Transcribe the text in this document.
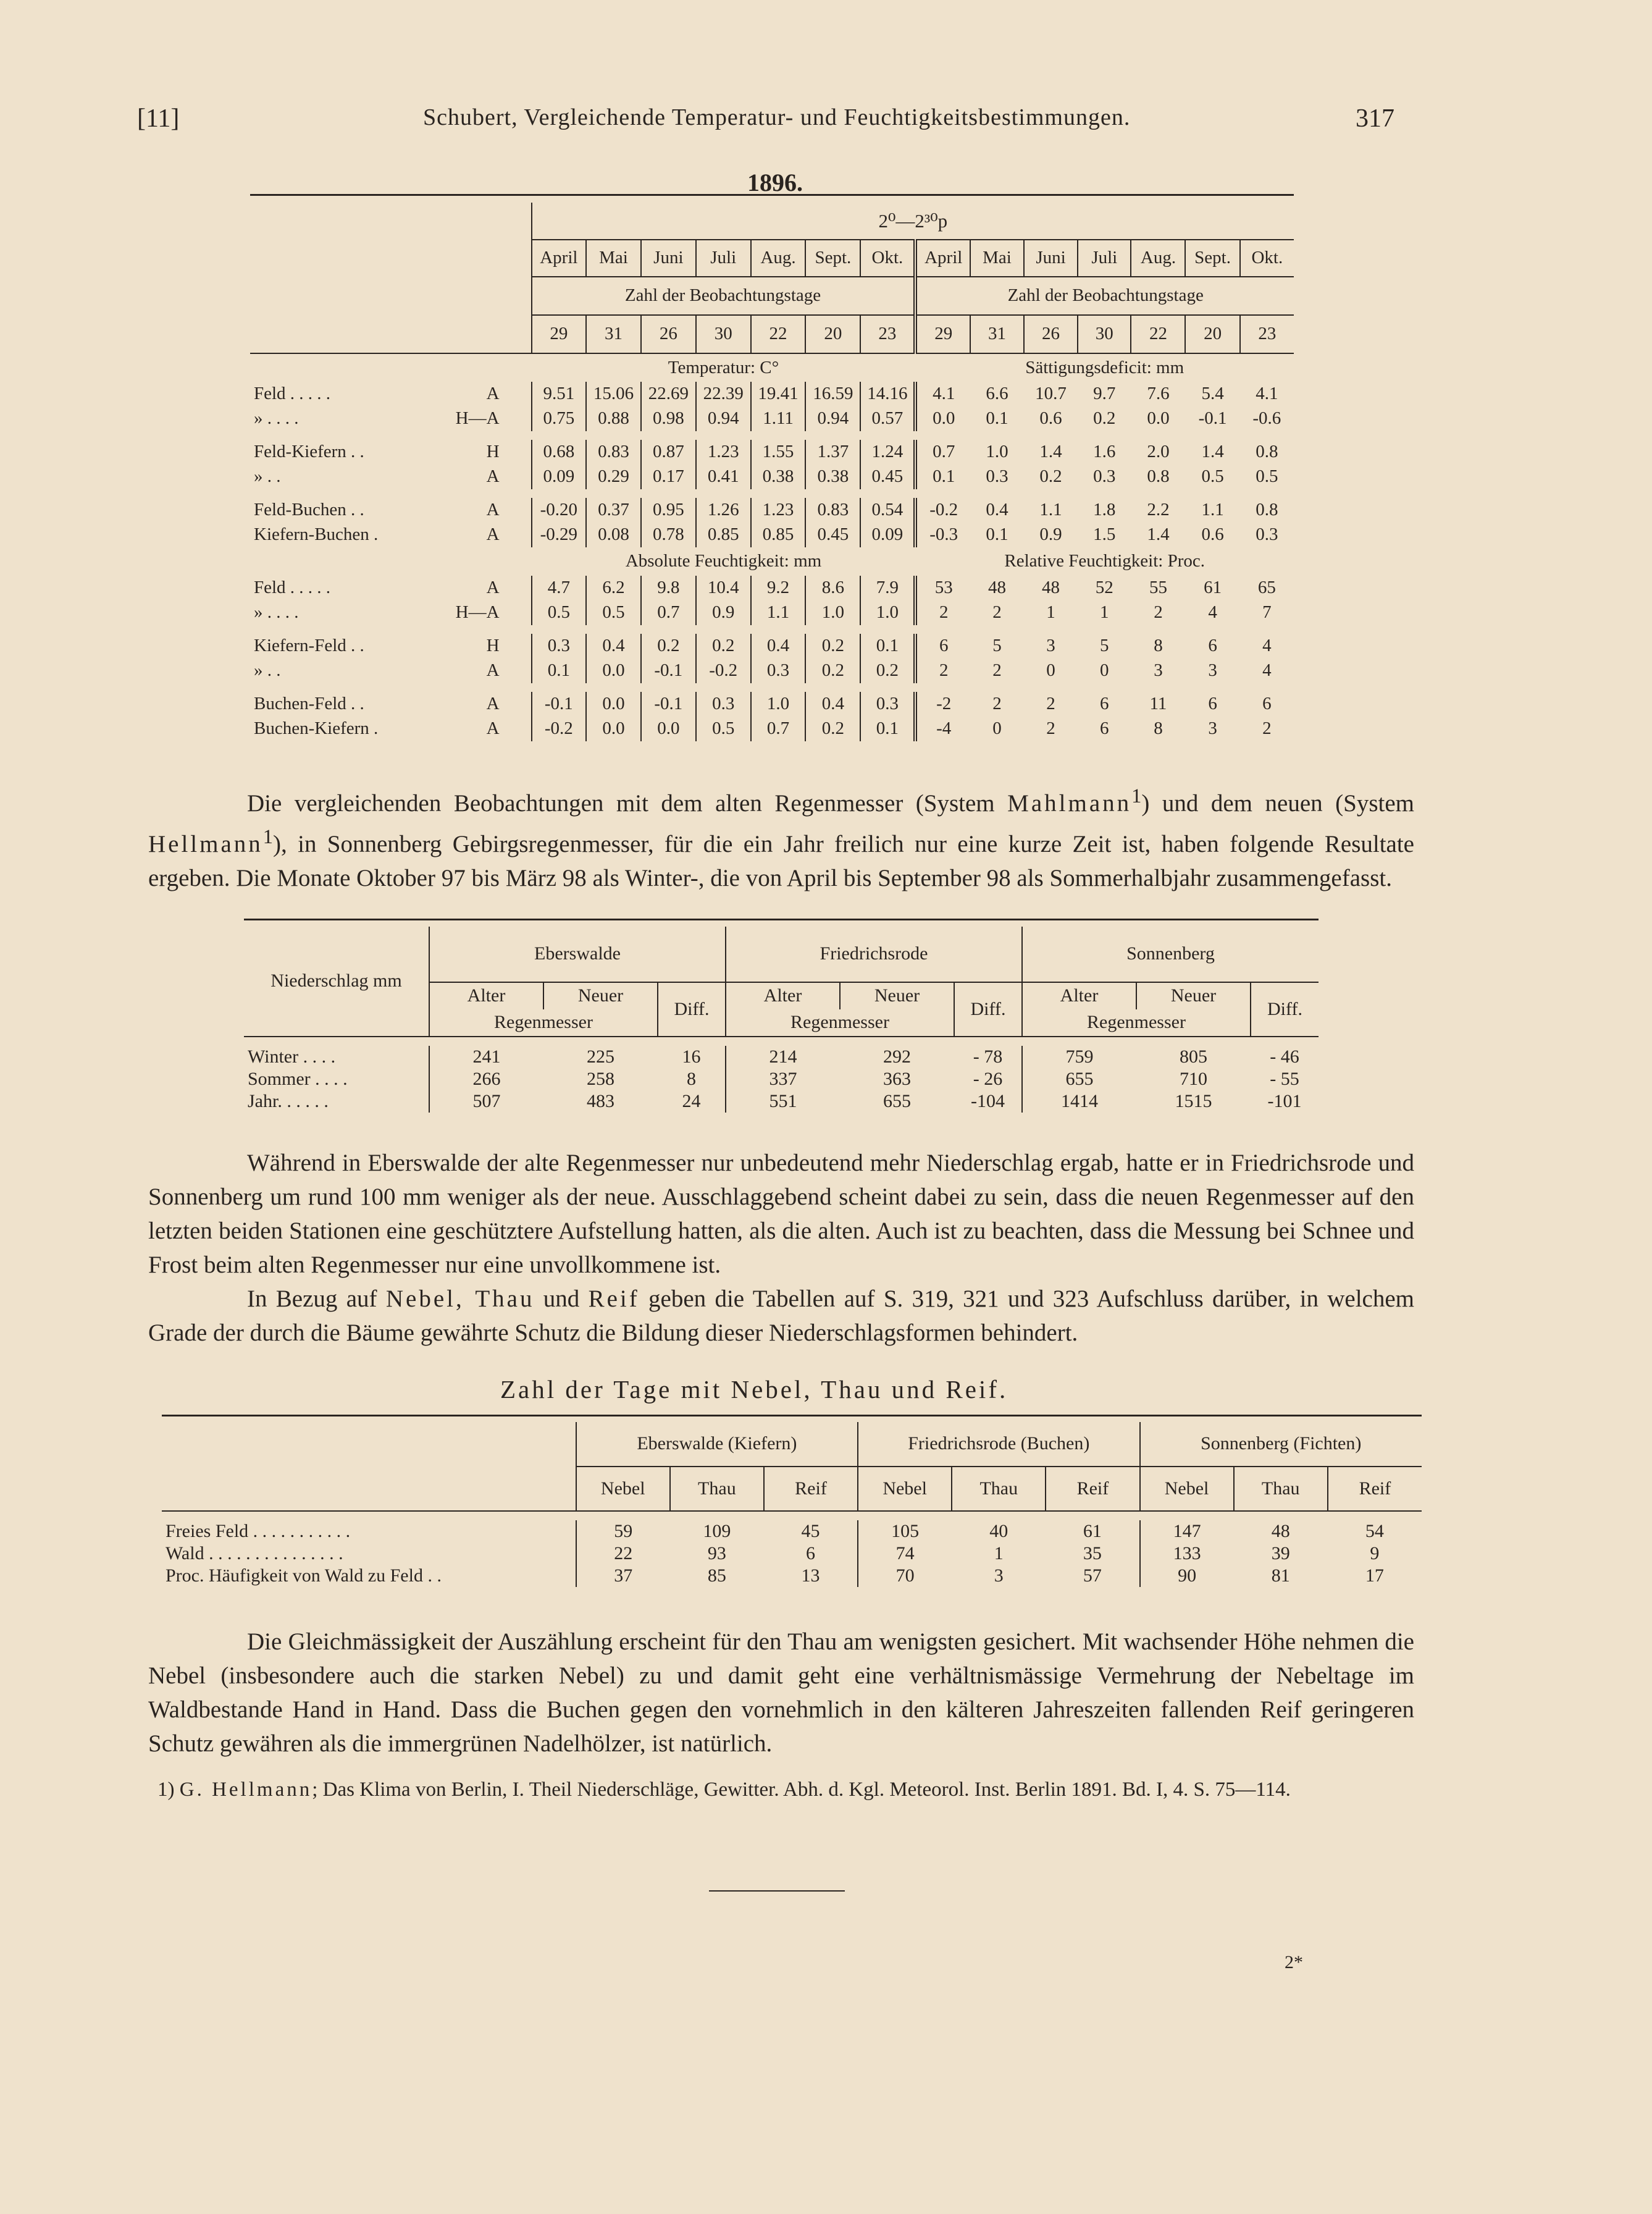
[11]	Schubert, Vergleichende Temperatur- und Feuchtigkeitsbestimmungen.	317
1896.
			2⁰—2³⁰p													
			April	Mai	Juni	Juli	Aug.	Sept.	Okt.	April	Mai	Juni	Juli	Aug.	Sept.	Okt.
			Zahl der Beobachtungstage							Zahl der Beobachtungstage						
			29	31	26	30	22	20	23	29	31	26	30	22	20	23
			Temperatur: C°							Sättigungsdeficit: mm						
Feld . . . . .	A		9.51	15.06	22.69	22.39	19.41	16.59	14.16	4.1	6.6	10.7	9.7	7.6	5.4	4.1
» . . . .	H—A		0.75	0.88	0.98	0.94	1.11	0.94	0.57	0.0	0.1	0.6	0.2	0.0	-0.1	-0.6

Feld-Kiefern . .	H		0.68	0.83	0.87	1.23	1.55	1.37	1.24	0.7	1.0	1.4	1.6	2.0	1.4	0.8
» . .	A		0.09	0.29	0.17	0.41	0.38	0.38	0.45	0.1	0.3	0.2	0.3	0.8	0.5	0.5

Feld-Buchen . .	A		-0.20	0.37	0.95	1.26	1.23	0.83	0.54	-0.2	0.4	1.1	1.8	2.2	1.1	0.8
Kiefern-Buchen .	A		-0.29	0.08	0.78	0.85	0.85	0.45	0.09	-0.3	0.1	0.9	1.5	1.4	0.6	0.3
			Absolute Feuchtigkeit: mm							Relative Feuchtigkeit: Proc.						
Feld . . . . .	A		4.7	6.2	9.8	10.4	9.2	8.6	7.9	53	48	48	52	55	61	65
» . . . .	H—A		0.5	0.5	0.7	0.9	1.1	1.0	1.0	2	2	1	1	2	4	7

Kiefern-Feld . .	H		0.3	0.4	0.2	0.2	0.4	0.2	0.1	6	5	3	5	8	6	4
» . .	A		0.1	0.0	-0.1	-0.2	0.3	0.2	0.2	2	2	0	0	3	3	4

Buchen-Feld . .	A		-0.1	0.0	-0.1	0.3	1.0	0.4	0.3	-2	2	2	6	11	6	6
Buchen-Kiefern .	A		-0.2	0.0	0.0	0.5	0.7	0.2	0.1	-4	0	2	6	8	3	2

Die vergleichenden Beobachtungen mit dem alten Regenmesser (System Mahlmann$^1$) und dem neuen (System Hellmann$^1$), in Sonnenberg Gebirgsregenmesser, für die ein Jahr freilich nur eine kurze Zeit ist, haben folgende Resultate ergeben. Die Monate Oktober 97 bis März 98 als Winter-, die von April bis September 98 als Sommerhalbjahr zusammengefasst.

Niederschlag mm	Eberswalde			Friedrichsrode			Sonnenberg		
	Alter	Neuer	Diff.	Alter	Neuer	Diff.	Alter	Neuer	Diff.
	Regenmesser			Regenmesser			Regenmesser		

Winter . . . .	241	225	16	214	292	- 78	759	805	- 46
Sommer . . . .	266	258	8	337	363	- 26	655	710	- 55
Jahr. . . . . .	507	483	24	551	655	-104	1414	1515	-101

Während in Eberswalde der alte Regenmesser nur unbedeutend mehr Niederschlag ergab, hatte er in Friedrichsrode und Sonnenberg um rund 100 mm weniger als der neue. Ausschlaggebend scheint dabei zu sein, dass die neuen Regenmesser auf den letzten beiden Stationen eine geschütztere Aufstellung hatten, als die alten. Auch ist zu beachten, dass die Messung bei Schnee und Frost beim alten Regenmesser nur eine unvollkommene ist.

In Bezug auf Nebel, Thau und Reif geben die Tabellen auf S. 319, 321 und 323 Aufschluss darüber, in welchem Grade der durch die Bäume gewährte Schutz die Bildung dieser Niederschlagsformen behindert.

Zahl der Tage mit Nebel, Thau und Reif.
	Eberswalde (Kiefern)			Friedrichsrode (Buchen)			Sonnenberg (Fichten)		
	Nebel	Thau	Reif	Nebel	Thau	Reif	Nebel	Thau	Reif

Freies Feld . . . . . . . . . . .	59	109	45	105	40	61	147	48	54
Wald . . . . . . . . . . . . . . .	22	93	6	74	1	35	133	39	9
Proc. Häufigkeit von Wald zu Feld . .	37	85	13	70	3	57	90	81	17

Die Gleichmässigkeit der Auszählung erscheint für den Thau am wenigsten gesichert. Mit wachsender Höhe nehmen die Nebel (insbesondere auch die starken Nebel) zu und damit geht eine verhältnismässige Vermehrung der Nebeltage im Waldbestande Hand in Hand. Dass die Buchen gegen den vornehmlich in den kälteren Jahreszeiten fallenden Reif geringeren Schutz gewähren als die immergrünen Nadelhölzer, ist natürlich.

1) G. Hellmann; Das Klima von Berlin, I. Theil Niederschläge, Gewitter. Abh. d. Kgl. Meteorol. Inst. Berlin 1891. Bd. I, 4. S. 75—114.
2*
